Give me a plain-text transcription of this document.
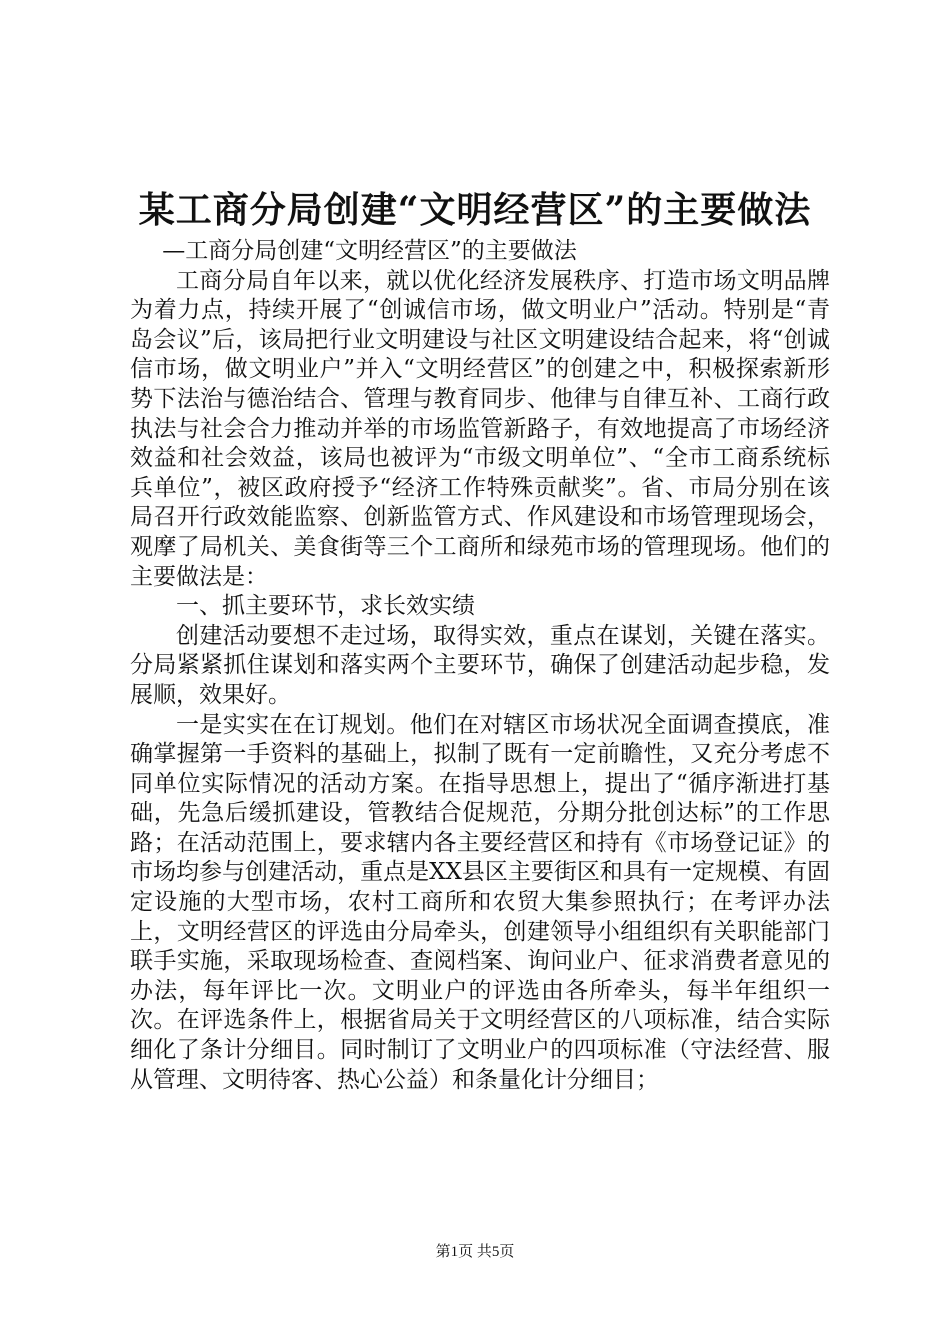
某工商分局创建“文明经营区”的主要做法

—工商分局创建“文明经营区”的主要做法

工商分局自年以来，就以优化经济发展秩序、打造市场文明品牌为着力点，持续开展了“创诚信市场，做文明业户”活动。特别是“青岛会议”后，该局把行业文明建设与社区文明建设结合起来，将“创诚信市场，做文明业户”并入“文明经营区”的创建之中，积极探索新形势下法治与德治结合、管理与教育同步、他律与自律互补、工商行政执法与社会合力推动并举的市场监管新路子，有效地提高了市场经济效益和社会效益，该局也被评为“市级文明单位”、“全市工商系统标兵单位”，被区政府授予“经济工作特殊贡献奖”。省、市局分别在该局召开行政效能监察、创新监管方式、作风建设和市场管理现场会，观摩了局机关、美食街等三个工商所和绿苑市场的管理现场。他们的主要做法是：

一、抓主要环节，求长效实绩

创建活动要想不走过场，取得实效，重点在谋划，关键在落实。分局紧紧抓住谋划和落实两个主要环节，确保了创建活动起步稳，发展顺，效果好。

一是实实在在订规划。他们在对辖区市场状况全面调查摸底，准确掌握第一手资料的基础上，拟制了既有一定前瞻性，又充分考虑不同单位实际情况的活动方案。在指导思想上，提出了“循序渐进打基础，先急后缓抓建设，管教结合促规范，分期分批创达标”的工作思路；在活动范围上，要求辖内各主要经营区和持有《市场登记证》的市场均参与创建活动，重点是XX县区主要街区和具有一定规模、有固定设施的大型市场，农村工商所和农贸大集参照执行；在考评办法上，文明经营区的评选由分局牵头，创建领导小组组织有关职能部门联手实施，采取现场检查、查阅档案、询问业户、征求消费者意见的办法，每年评比一次。文明业户的评选由各所牵头，每半年组织一次。在评选条件上，根据省局关于文明经营区的八项标准，结合实际细化了条计分细目。同时制订了文明业户的四项标准（守法经营、服从管理、文明待客、热心公益）和条量化计分细目；

第1页 共5页
